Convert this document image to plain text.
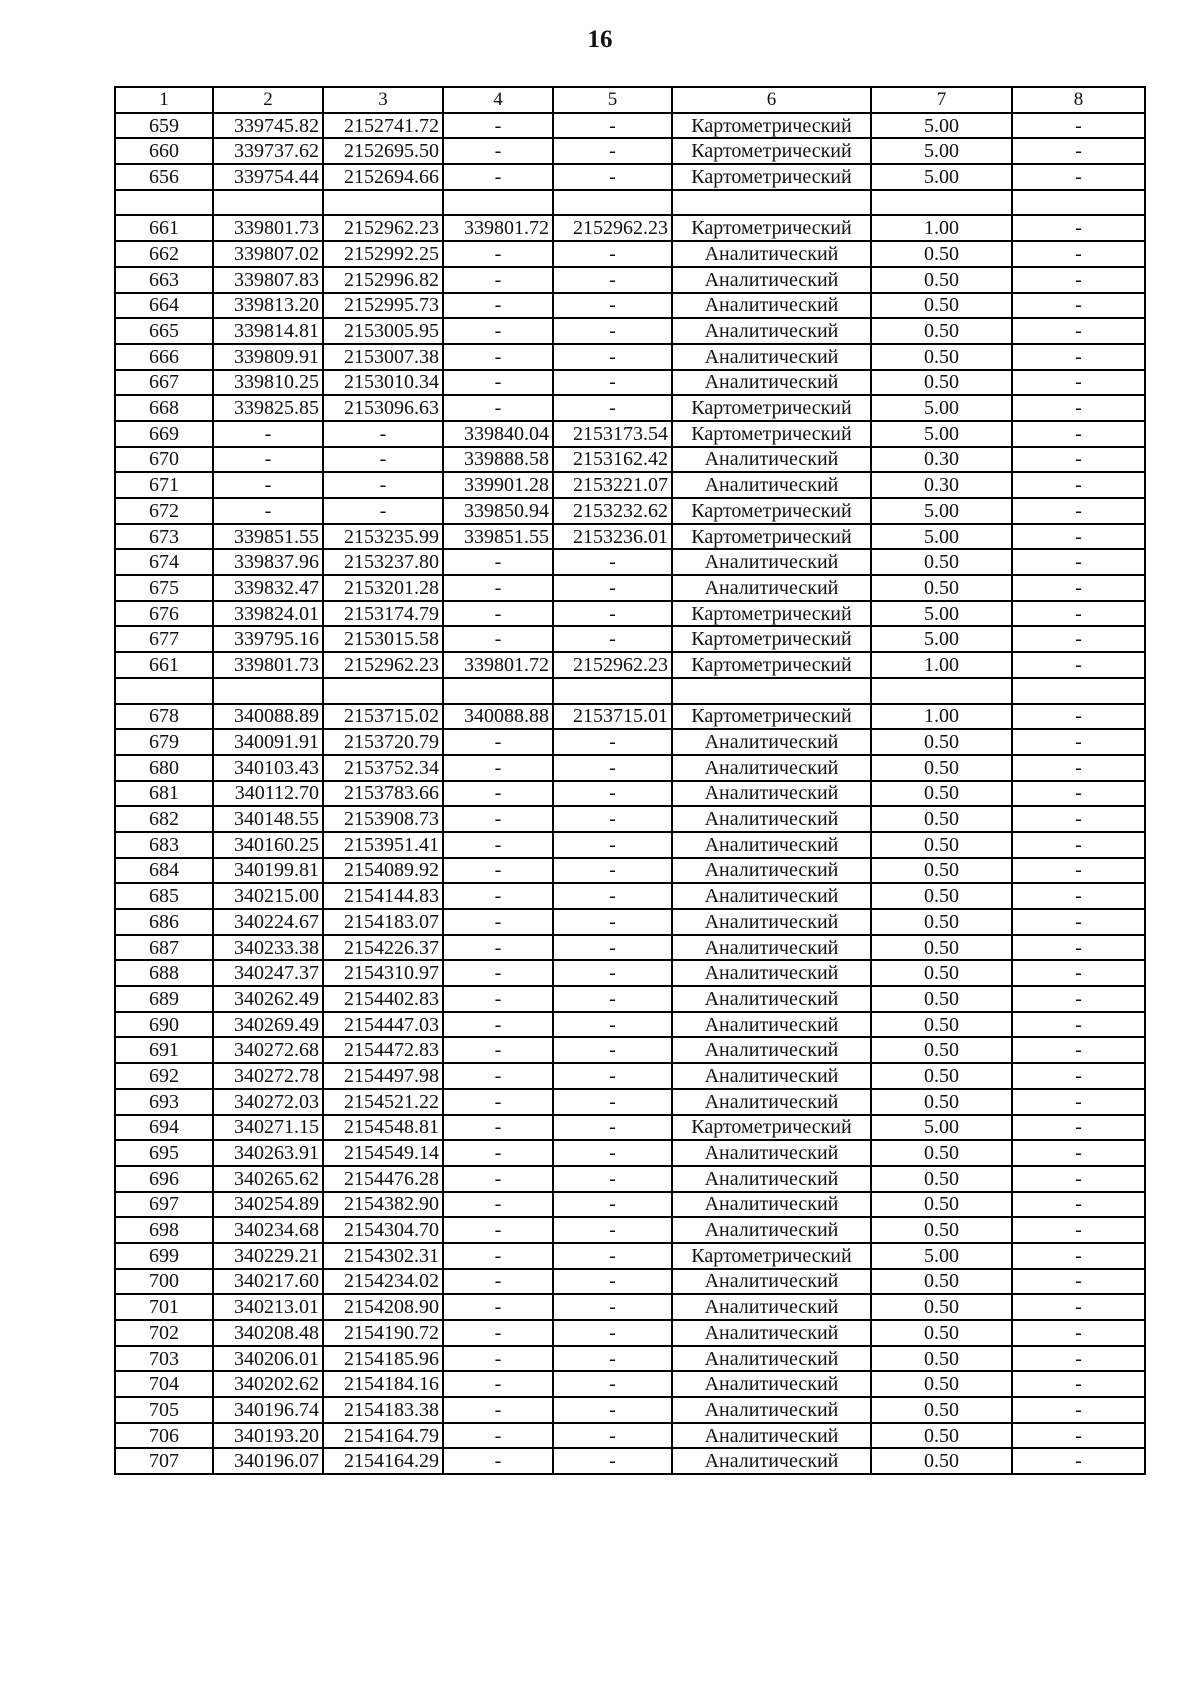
16
1	2	3	4	5	6	7	8
659	339745.82	2152741.72	-	-	Картометрический	5.00	-
660	339737.62	2152695.50	-	-	Картометрический	5.00	-
656	339754.44	2152694.66	-	-	Картометрический	5.00	-

661	339801.73	2152962.23	339801.72	2152962.23	Картометрический	1.00	-
662	339807.02	2152992.25	-	-	Аналитический	0.50	-
663	339807.83	2152996.82	-	-	Аналитический	0.50	-
664	339813.20	2152995.73	-	-	Аналитический	0.50	-
665	339814.81	2153005.95	-	-	Аналитический	0.50	-
666	339809.91	2153007.38	-	-	Аналитический	0.50	-
667	339810.25	2153010.34	-	-	Аналитический	0.50	-
668	339825.85	2153096.63	-	-	Картометрический	5.00	-
669	-	-	339840.04	2153173.54	Картометрический	5.00	-
670	-	-	339888.58	2153162.42	Аналитический	0.30	-
671	-	-	339901.28	2153221.07	Аналитический	0.30	-
672	-	-	339850.94	2153232.62	Картометрический	5.00	-
673	339851.55	2153235.99	339851.55	2153236.01	Картометрический	5.00	-
674	339837.96	2153237.80	-	-	Аналитический	0.50	-
675	339832.47	2153201.28	-	-	Аналитический	0.50	-
676	339824.01	2153174.79	-	-	Картометрический	5.00	-
677	339795.16	2153015.58	-	-	Картометрический	5.00	-
661	339801.73	2152962.23	339801.72	2152962.23	Картометрический	1.00	-

678	340088.89	2153715.02	340088.88	2153715.01	Картометрический	1.00	-
679	340091.91	2153720.79	-	-	Аналитический	0.50	-
680	340103.43	2153752.34	-	-	Аналитический	0.50	-
681	340112.70	2153783.66	-	-	Аналитический	0.50	-
682	340148.55	2153908.73	-	-	Аналитический	0.50	-
683	340160.25	2153951.41	-	-	Аналитический	0.50	-
684	340199.81	2154089.92	-	-	Аналитический	0.50	-
685	340215.00	2154144.83	-	-	Аналитический	0.50	-
686	340224.67	2154183.07	-	-	Аналитический	0.50	-
687	340233.38	2154226.37	-	-	Аналитический	0.50	-
688	340247.37	2154310.97	-	-	Аналитический	0.50	-
689	340262.49	2154402.83	-	-	Аналитический	0.50	-
690	340269.49	2154447.03	-	-	Аналитический	0.50	-
691	340272.68	2154472.83	-	-	Аналитический	0.50	-
692	340272.78	2154497.98	-	-	Аналитический	0.50	-
693	340272.03	2154521.22	-	-	Аналитический	0.50	-
694	340271.15	2154548.81	-	-	Картометрический	5.00	-
695	340263.91	2154549.14	-	-	Аналитический	0.50	-
696	340265.62	2154476.28	-	-	Аналитический	0.50	-
697	340254.89	2154382.90	-	-	Аналитический	0.50	-
698	340234.68	2154304.70	-	-	Аналитический	0.50	-
699	340229.21	2154302.31	-	-	Картометрический	5.00	-
700	340217.60	2154234.02	-	-	Аналитический	0.50	-
701	340213.01	2154208.90	-	-	Аналитический	0.50	-
702	340208.48	2154190.72	-	-	Аналитический	0.50	-
703	340206.01	2154185.96	-	-	Аналитический	0.50	-
704	340202.62	2154184.16	-	-	Аналитический	0.50	-
705	340196.74	2154183.38	-	-	Аналитический	0.50	-
706	340193.20	2154164.79	-	-	Аналитический	0.50	-
707	340196.07	2154164.29	-	-	Аналитический	0.50	-
